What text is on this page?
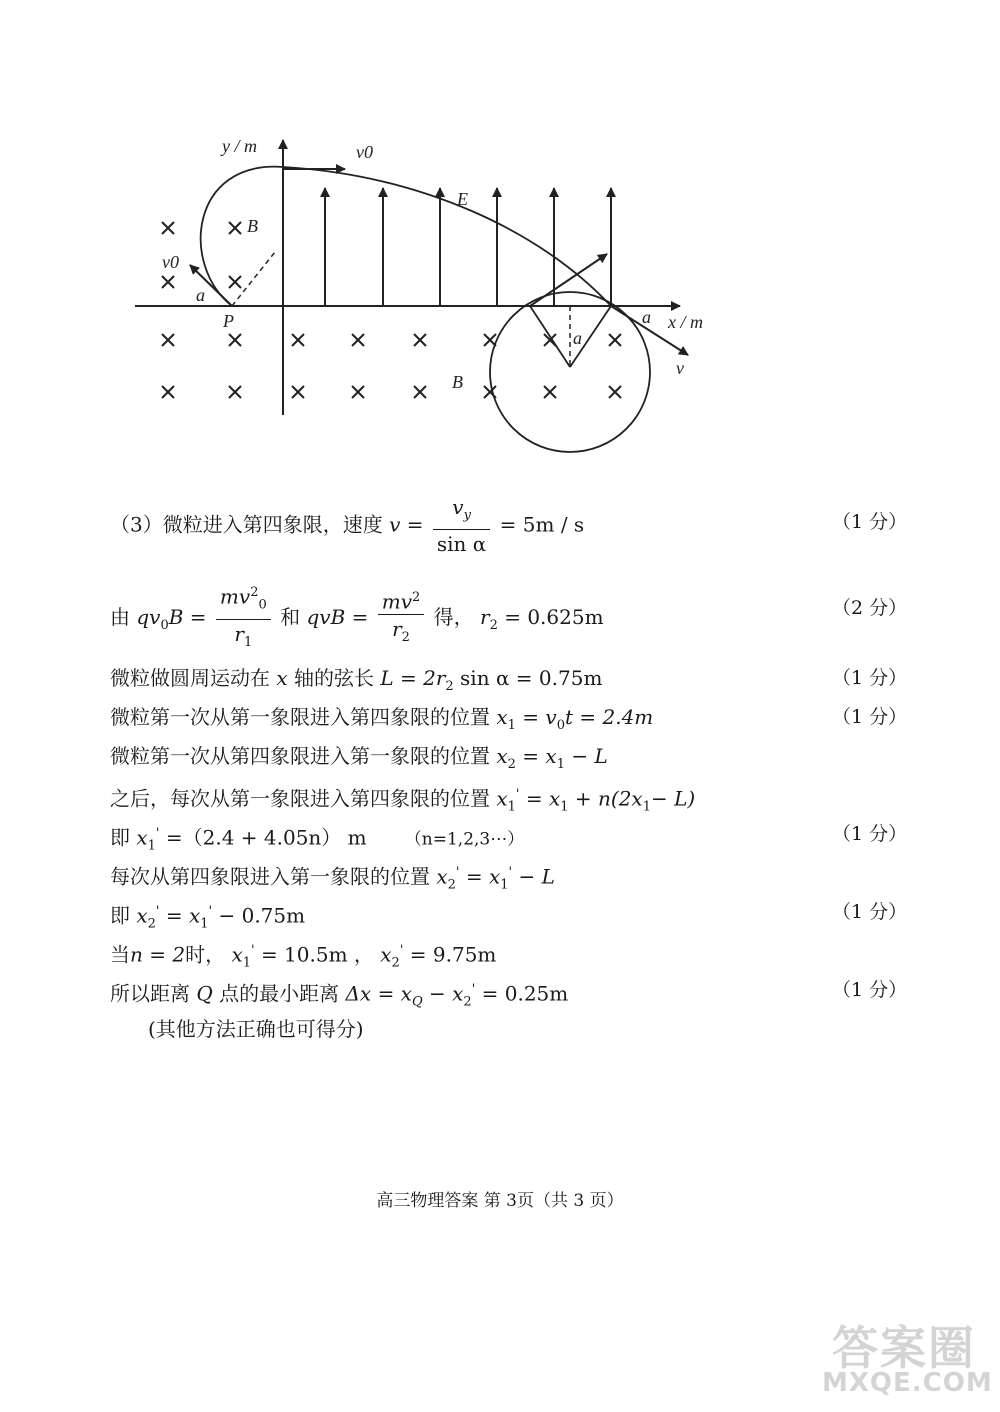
y / m
x / m
E
v0
v0
a
P
B
a
B
a
v
（3）微粒进入第四象限，速度 $v = \frac{v_y}{\text{sin α}} = 5m / s$	（1 分）
由 $qv_0B = \frac{mv^2_0}{r_1}$ 和 qvB = $\frac{mv^2}{r_2}$ 得， $r_2 = 0.625m$	（2 分）
微粒做圆周运动在 x 轴的弦长 $L = 2r_2$ sin α = 0.75m	（1 分）
微粒第一次从第一象限进入第四象限的位置 $x_1 = v_0t = 2.4m$	（1 分）
微粒第一次从第四象限进入第一象限的位置 $x_2 = x_1 - L$
之后，每次从第一象限进入第四象限的位置 $x_1' = x_1 + n(2x_1- L)$
即 $x_1' =(2.4 + 4.05n)$ m （n=1,2,3⋯）	（1 分）
每次从第四象限进入第一象限的位置 $x_2' = x_1' - L$
即 $x_2' = x_1' - 0.75m$	（1 分）
当n = 2时， $x_1' = 10.5m$ ， $x_2' = 9.75m$
所以距离 Q 点的最小距离 $\Delta x = x_Q - x_2' = 0.25m$	（1 分）
(其他方法正确也可得分)
高三物理答案 第 3页（共 3 页）
答案圈
MXQE.COM
